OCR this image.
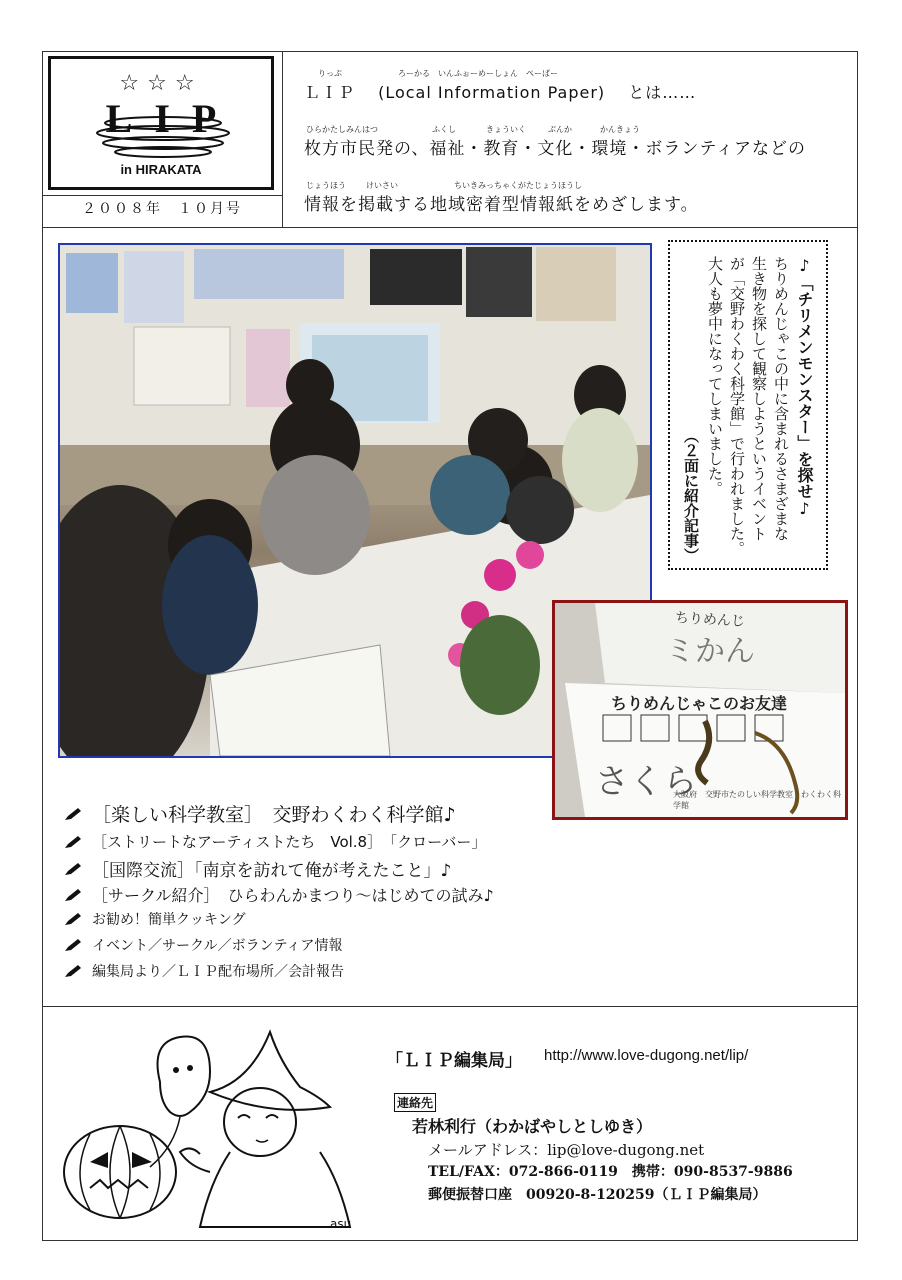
☆☆☆
LIP
in HIRAKATA
２００８年　１０月号
りっぷ	ろーかる　いんふぉーめーしょん　ぺーぱー
ＬＩＰ　 (Local Information Paper)　 とは……
ひらかたしみんはつ	ふくし	きょういく	ぶんか	かんきょう
枚方市民発の、福祉・教育・文化・環境・ボランティアなどの
じょうほう	けいさい	ちいきみっちゃくがたじょうほうし
情報を掲載する地域密着型情報紙をめざします。
さくら
ミかん
ちりめんじ
ちりめんじゃこのお友達
大阪府　交野市たのしい科学教室　わくわく科学館
♪「チリメンモンスター」を探せ♪
ちりめんじゃこの中に含まれるさまざまな
生き物を探して観察しようというイベント
が「交野わくわく科学館」で行われました。
大人も夢中になってしまいました。
（２面に紹介記事）
［楽しい科学教室］　交野わくわく科学館♪
［ストリートなアーティストたち　Vol.8］　「クローバー」
［国際交流］「南京を訪れて俺が考えたこと」♪
［サークル紹介］　ひらわんかまつり～はじめての試み♪
お勧め！簡単クッキング
イベント／サークル／ボランティア情報
編集局より／ＬＩＰ配布場所／会計報告
asu
「ＬＩＰ編集局」 http://www.love-dugong.net/lip/
連絡先
若林利行（わかばやしとしゆき）
メールアドレス：lip@love-dugong.net
TEL/FAX：072-866-0119　携帯：090-8537-9886
郵便振替口座　00920-8-120259（ＬＩＰ編集局）
